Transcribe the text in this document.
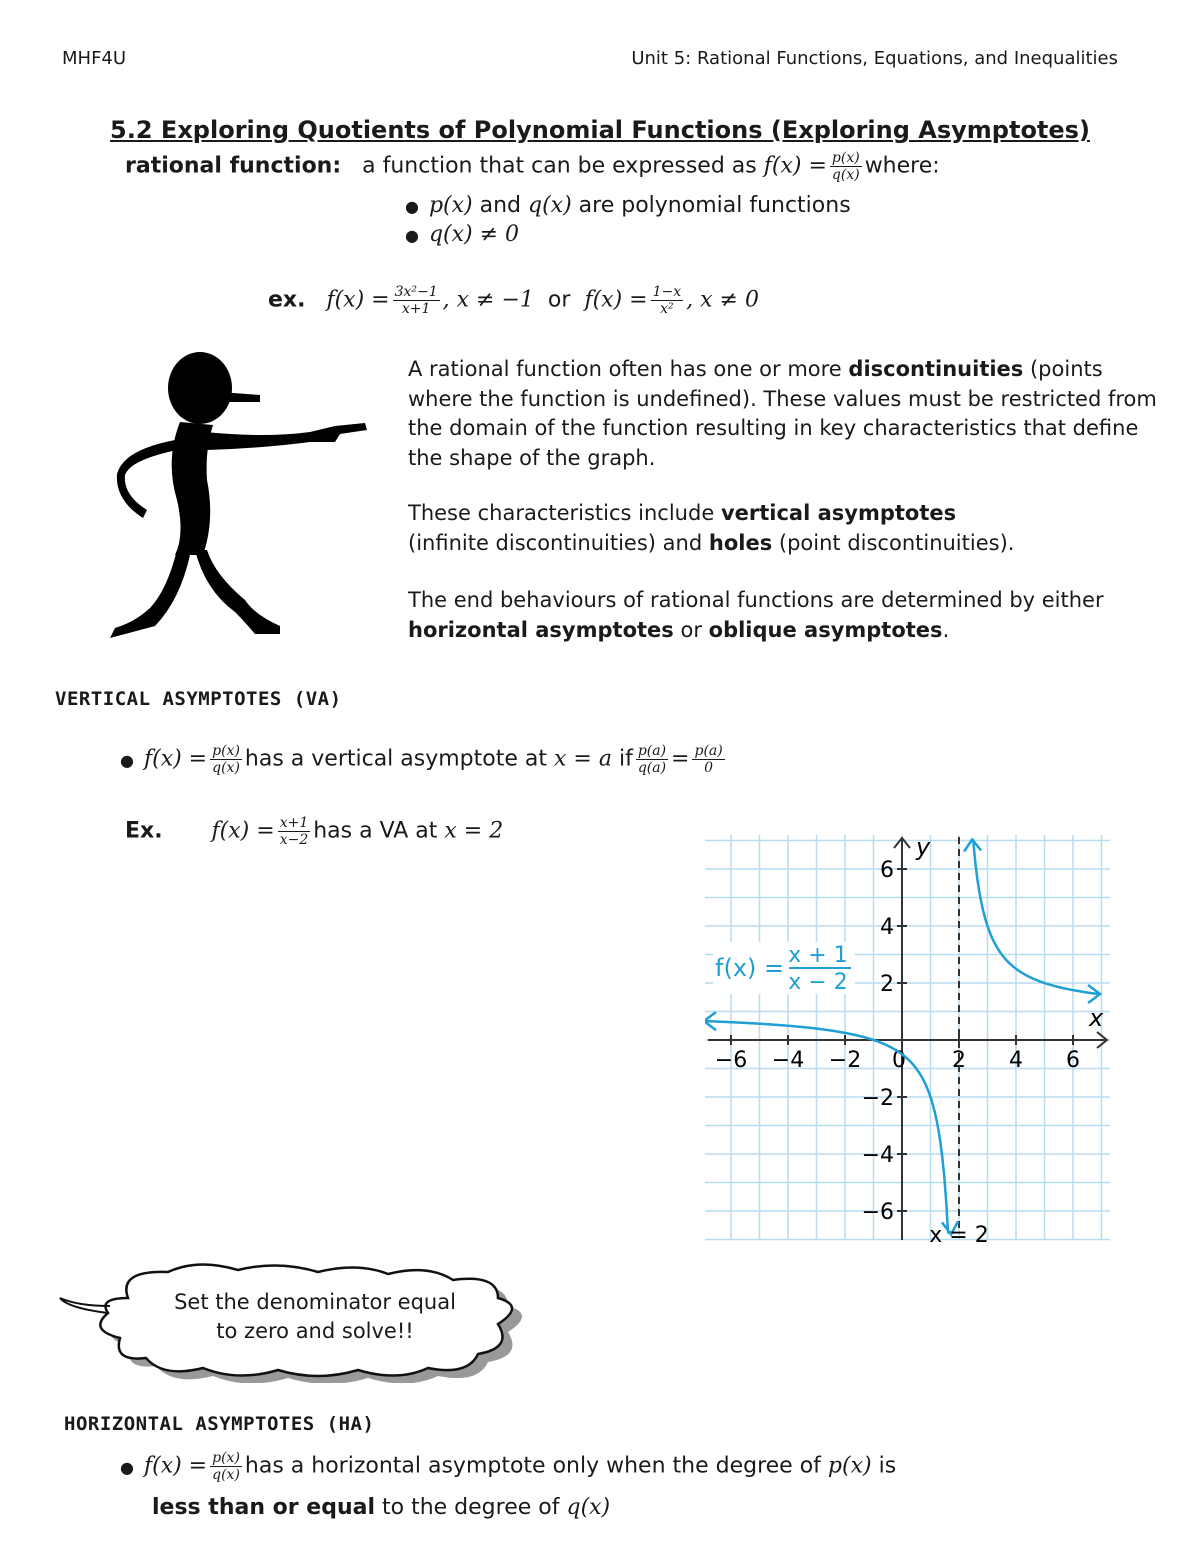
MHF4U	Unit 5: Rational Functions, Equations, and Inequalities
5.2 Exploring Quotients of Polynomial Functions (Exploring Asymptotes)
rational function: a function that can be expressed as $f(x) = \frac{p(x)}{q(x)}$ where:
● p(x) and q(x) are polynomial functions
● q(x) ≠ 0
ex. $f(x) = \frac{\text{3x²−1}}{x+1}$ , x ≠ −1 or $f(x) = \frac{1-x}{\text{x²}}$ , x ≠ 0
A rational function often has one or more discontinuities (points where the function is undefined). These values must be restricted from the domain of the function resulting in key characteristics that define the shape of the graph.
These characteristics include vertical asymptotes
(infinite discontinuities) and holes (point discontinuities).
The end behaviours of rational functions are determined by either
horizontal asymptotes or oblique asymptotes.
VERTICAL ASYMPTOTES (VA)
● $f(x) = \frac{p(x)}{q(x)}$ has a vertical asymptote at x = a if $\frac{p(a)}{q(a)} = \frac{p(a)}{0}$
Ex. $f(x) = \frac{x+1}{x-2}$ has a VA at x = 2
−6 −4 −2 0 2 4 6
6
4
2
−2
−4
−6
y
x
f(x) = x + 1
x − 2
x = 2
Set the denominator equal
to zero and solve!!
HORIZONTAL ASYMPTOTES (HA)
● $f(x) = \frac{p(x)}{q(x)}$ has a horizontal asymptote only when the degree of p(x) is
less than or equal to the degree of q(x)
